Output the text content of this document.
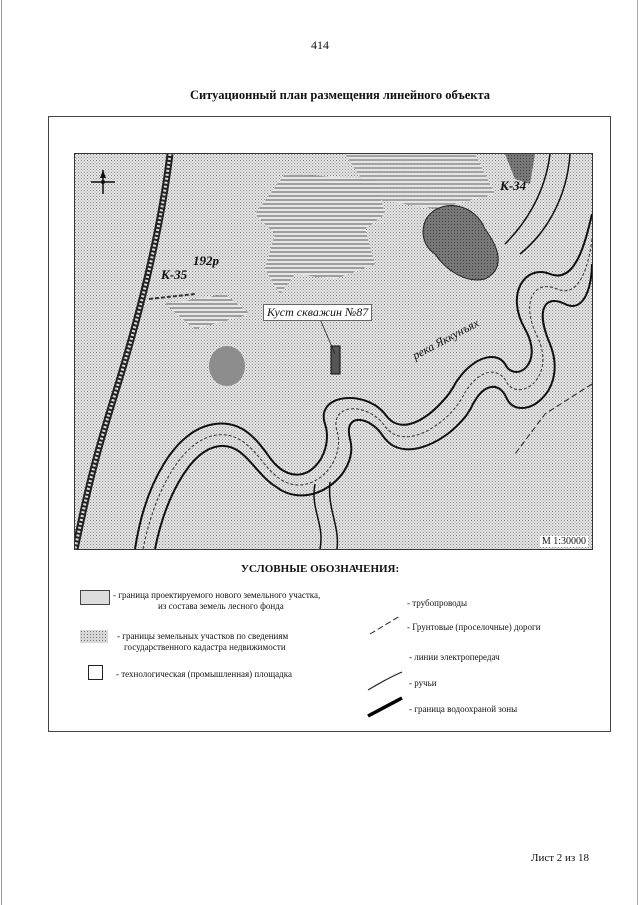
414
Ситуационный план размещения линейного объекта
К-34
К-35
192р
Куст скважин №87
река Яккунъях
М 1:30000
УСЛОВНЫЕ ОБОЗНАЧЕНИЯ:
- граница проектируемого нового земельного участка,
из состава земель лесного фонда
- границы земельных участков по сведениям
государственного кадастра недвижимости
- технологическая (промышленная) площадка
- трубопроводы
- Грунтовые (проселочные) дороги
- линии электропередач
- ручьи
- граница водоохраной зоны
Лист 2 из 18
